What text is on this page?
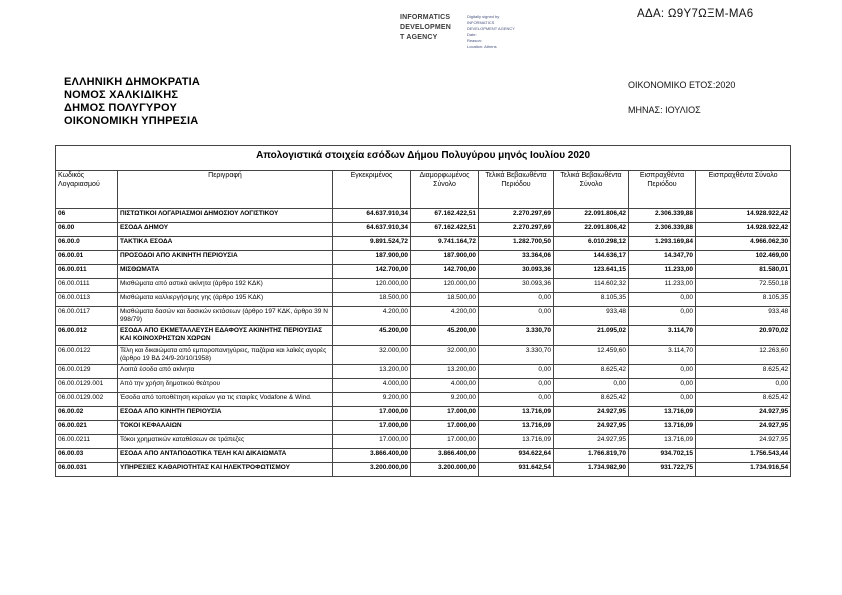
ΑΔΑ: Ω9Υ7ΩΞΜ-ΜΑ6
INFORMATICS
DEVELOPMEN
T AGENCY
Digitally signed by
INFORMATICS
DEVELOPMENT AGENCY
Date:
Reason:
Location: Athens
ΕΛΛΗΝΙΚΗ ΔΗΜΟΚΡΑΤΙΑ
ΝΟΜΟΣ ΧΑΛΚΙΔΙΚΗΣ
ΔΗΜΟΣ ΠΟΛΥΓΥΡΟΥ
ΟΙΚΟΝΟΜΙΚΗ ΥΠΗΡΕΣΙΑ
ΟΙΚΟΝΟΜΙΚΟ ΕΤΟΣ:2020
ΜΗΝΑΣ: ΙΟΥΛΙΟΣ
Απολογιστικά στοιχεία εσόδων Δήμου Πολυγύρου μηνός Ιουλίου 2020							
Κωδικός Λογαριασμού	Περιγραφή	Εγκεκριμένος	Διαμορφωμένος Σύνολο	Τελικά Βεβαιωθέντα Περιόδου	Τελικά Βεβαιωθέντα Σύνολο	Εισπραχθέντα Περιόδου	Εισπραχθέντα Σύνολο
06	ΠΙΣΤΩΤΙΚΟΙ ΛΟΓΑΡΙΑΣΜΟΙ ΔΗΜΟΣΙΟΥ ΛΟΓΙΣΤΙΚΟΥ	64.637.910,34	67.162.422,51	2.270.297,69	22.091.806,42	2.306.339,88	14.928.922,42
06.00	ΕΣΟΔΑ ΔΗΜΟΥ	64.637.910,34	67.162.422,51	2.270.297,69	22.091.806,42	2.306.339,88	14.928.922,42
06.00.0	ΤΑΚΤΙΚΑ ΕΣΟΔΑ	9.891.524,72	9.741.164,72	1.282.700,50	6.010.298,12	1.293.169,84	4.966.062,30
06.00.01	ΠΡΟΣΟΔΟΙ ΑΠΟ ΑΚΙΝΗΤΗ ΠΕΡΙΟΥΣΙΑ	187.900,00	187.900,00	33.364,06	144.636,17	14.347,70	102.469,00
06.00.011	ΜΙΣΘΩΜΑΤΑ	142.700,00	142.700,00	30.093,36	123.641,15	11.233,00	81.580,01
06.00.0111	Μισθώματα από αστικά ακίνητα (άρθρο 192 ΚΔΚ)	120.000,00	120.000,00	30.093,36	114.602,32	11.233,00	72.550,18
06.00.0113	Μισθώματα καλλιεργήσιμης γης (άρθρο 195 ΚΔΚ)	18.500,00	18.500,00	0,00	8.105,35	0,00	8.105,35
06.00.0117	Μισθώματα δασών και δασικών εκτάσεων (άρθρο 197 ΚΔΚ, άρθρο 39 Ν 998/79)	4.200,00	4.200,00	0,00	933,48	0,00	933,48
06.00.012	ΕΣΟΔΑ ΑΠΟ ΕΚΜΕΤΑΛΛΕΥΣΗ ΕΔΑΦΟΥΣ ΑΚΙΝΗΤΗΣ ΠΕΡΙΟΥΣΙΑΣ ΚΑΙ ΚΟΙΝΟΧΡΗΣΤΩΝ ΧΩΡΩΝ	45.200,00	45.200,00	3.330,70	21.095,02	3.114,70	20.970,02
06.00.0122	Τέλη και δικαιώματα από εμποροπανηγύρεις, παζάρια και λαϊκές αγορές (άρθρο 19 ΒΔ 24/9-20/10/1958)	32.000,00	32.000,00	3.330,70	12.459,60	3.114,70	12.263,60
06.00.0129	Λοιπά έσοδα από ακίνητα	13.200,00	13.200,00	0,00	8.625,42	0,00	8.625,42
06.00.0129.001	Από την χρήση δημοτικού θεάτρου	4.000,00	4.000,00	0,00	0,00	0,00	0,00
06.00.0129.002	Έσοδα από τοποθέτηση κεραίων για τις εταιρίες Vodafone & Wind.	9.200,00	9.200,00	0,00	8.625,42	0,00	8.625,42
06.00.02	ΕΣΟΔΑ ΑΠΟ ΚΙΝΗΤΗ ΠΕΡΙΟΥΣΙΑ	17.000,00	17.000,00	13.716,09	24.927,95	13.716,09	24.927,95
06.00.021	ΤΟΚΟΙ ΚΕΦΑΛΑΙΩΝ	17.000,00	17.000,00	13.716,09	24.927,95	13.716,09	24.927,95
06.00.0211	Τόκοι χρηματικών καταθέσεων σε τράπεζες	17.000,00	17.000,00	13.716,09	24.927,95	13.716,09	24.927,95
06.00.03	ΕΣΟΔΑ ΑΠΟ ΑΝΤΑΠΟΔΟΤΙΚΑ ΤΕΛΗ ΚΑΙ ΔΙΚΑΙΩΜΑΤΑ	3.866.400,00	3.866.400,00	934.622,64	1.766.819,70	934.702,15	1.756.543,44
06.00.031	ΥΠΗΡΕΣΙΕΣ ΚΑΘΑΡΙΟΤΗΤΑΣ ΚΑΙ ΗΛΕΚΤΡΟΦΩΤΙΣΜΟΥ	3.200.000,00	3.200.000,00	931.642,54	1.734.982,90	931.722,75	1.734.916,54
